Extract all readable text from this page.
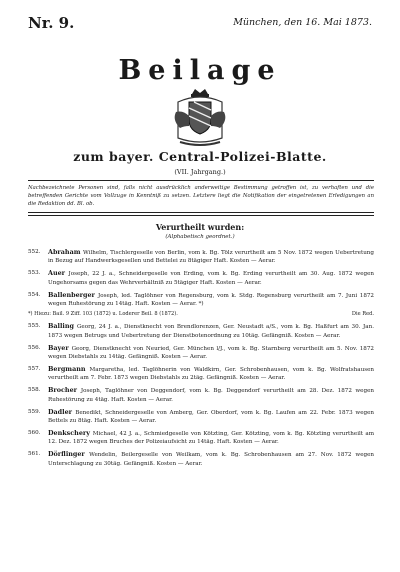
Nr. 9.	München, den 16. Mai 1873.
Beilage
zum bayer. Central-Polizei-Blatte.
(VII. Jahrgang.)
Nachbezeichnete Personen sind, falls nicht ausdrücklich anderweitige Bestimmung getroffen ist, zu verhaften und die betreffenden Gerichte vom Vollzuge in Kenntniß zu setzen. Letztere liegt die Notifikation der eingetretenen Erledigungen an die Redaktion dd. Bl. ob.
Verurtheilt wurden:
(Alphabetisch geordnet.)
552. Abraham Wilhelm, Tischlergeselle von Berlin, vom k. Bg. Tölz verurtheilt am 5 Nov. 1872 wegen Uebertretung in Bezug auf Handwerksgesellen und Bettelei zu 8tägiger Haft. Kosten — Aerar.
553. Auer Joseph, 22 J. a., Schneidergeselle von Erding, vom k. Bg. Erding verurtheilt am 30. Aug. 1872 wegen Ungehorsams gegen das Wehrverhältniß zu 5tägiger Haft. Kosten — Aerar.
554. Ballenberger Joseph, led. Taglöhner von Regensburg, vom k. Stdg. Regensburg verurtheilt am 7. Juni 1872 wegen Ruhestörung zu 14täg. Haft. Kosten — Aerar. *)
*) Hiezu: Bail. 9 Ziff. 103 (1872) u. Loderer Beil. 8 (1872).	Die Red.
555. Balling Georg, 24 J. a., Dienstknecht von Brendlorenzen, Ger. Neustadt a/S., vom k. Bg. Haßfurt am 30. Jan. 1873 wegen Betrugs und Uebertretung der Dienstbotenordnung zu 10täg. Gefängniß. Kosten — Aerar.
556. Bayer Georg, Dienstknecht von Neuried, Ger. München l/J., vom k. Bg. Starnberg verurtheilt am 5. Nov. 1872 wegen Diebstahls zu 14täg. Gefängniß. Kosten — Aerar.
557. Bergmann Margaretha, led. Taglöhnerin von Waldkirn, Ger. Schrobenhausen, vom k. Bg. Wolfratshausen verurtheilt am 7. Febr. 1873 wegen Diebstahls zu 2täg. Gefängniß. Kosten — Aerar.
558. Brocher Joseph, Taglöhner von Deggendorf, vom k. Bg. Deggendorf verurtheilt am 28. Dez. 1872 wegen Ruhestörung zu 4täg. Haft. Kosten — Aerar.
559. Dadler Benedikt, Schneidergeselle von Amberg, Ger. Oberdorf, vom k. Bg. Laufen am 22. Febr. 1873 wegen Bettels zu 8täg. Haft. Kosten — Aerar.
560. Denkschery Michael, 42 J. a., Schmiedgeselle von Kötzting, Ger. Kötzting, vom k. Bg. Kötzting verurtheilt am 12. Dez. 1872 wegen Bruches der Polizeiaufsicht zu 14täg. Haft. Kosten — Aerar.
561. Dörflinger Wendelin, Beilergeselle von Weilkam, vom k. Bg. Schrobenhausen am 27. Nov. 1872 wegen Unterschlagung zu 30täg. Gefängniß. Kosten — Aerar.
